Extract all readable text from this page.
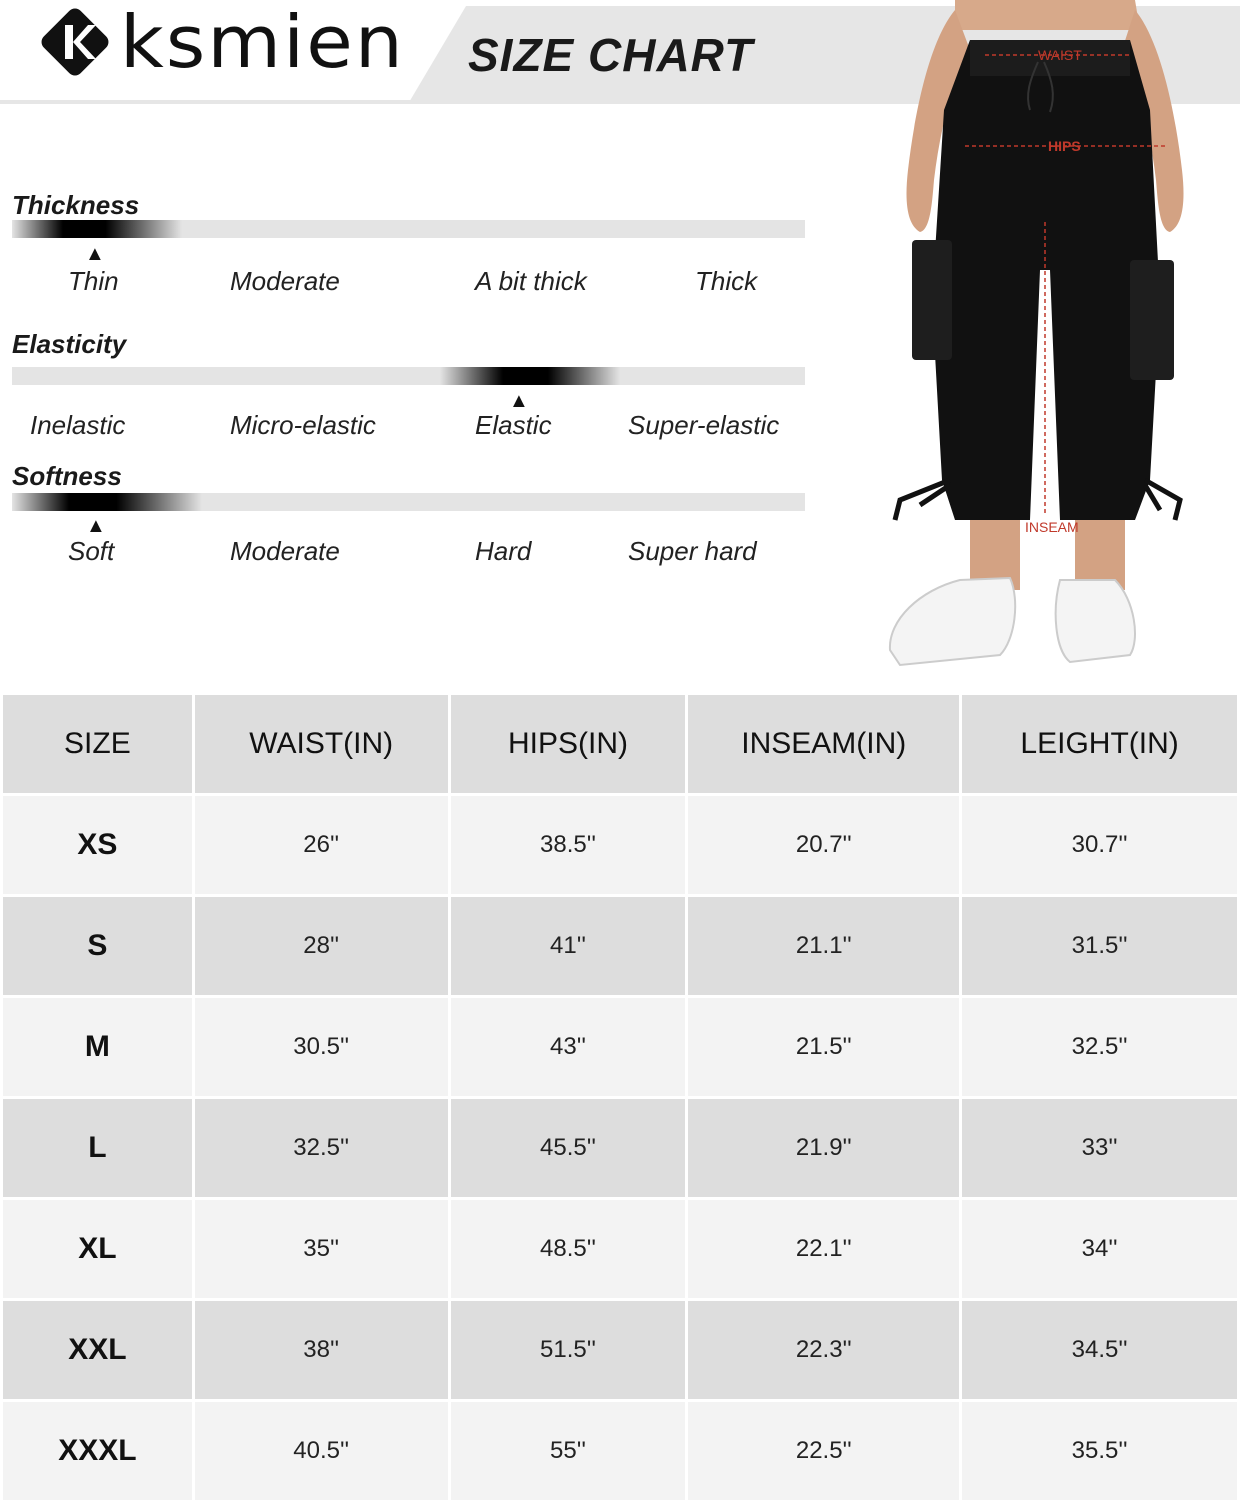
ksmien SIZE CHART
Thickness
▲
Thin	Moderate	A bit thick	Thick
Elasticity
▲
Inelastic	Micro-elastic	Elastic	Super-elastic
Softness
▲
Soft	Moderate	Hard	Super hard
WAIST
HIPS
INSEAM
SIZE	WAIST(IN)	HIPS(IN)	INSEAM(IN)	LEIGHT(IN)
XS	26''	38.5''	20.7''	30.7''
S	28''	41''	21.1''	31.5''
M	30.5''	43''	21.5''	32.5''
L	32.5''	45.5''	21.9''	33''
XL	35''	48.5''	22.1''	34''
XXL	38''	51.5''	22.3''	34.5''
XXXL	40.5''	55''	22.5''	35.5''
